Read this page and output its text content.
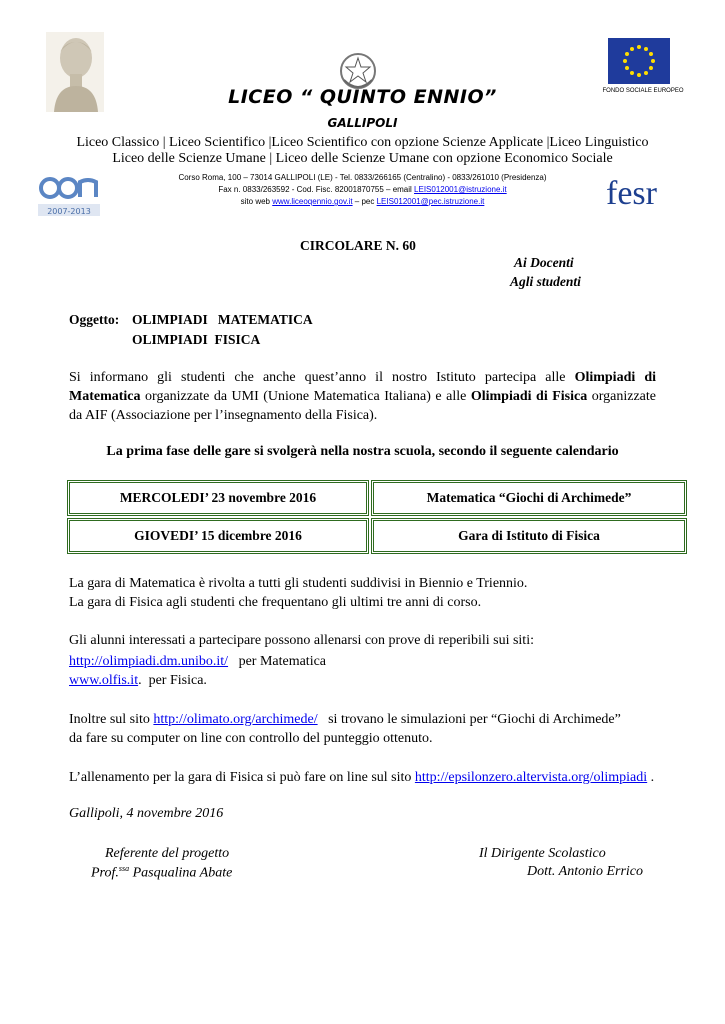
FONDO SOCIALE EUROPEO
LICEO “ QUINTO ENNIO”
GALLIPOLI
Liceo Classico | Liceo Scientifico |Liceo Scientifico con opzione Scienze Applicate |Liceo Linguistico
Liceo delle Scienze Umane | Liceo delle Scienze Umane con opzione Economico Sociale
2007-2013	fesr
Corso Roma, 100 – 73014 GALLIPOLI (LE) - Tel. 0833/266165 (Centralino) - 0833/261010 (Presidenza)
Fax n. 0833/263592 - Cod. Fisc. 82001870755 – email LEIS012001@istruzione.it
sito web www.liceoqennio.gov.it – pec LEIS012001@pec.istruzione.it
CIRCOLARE N. 60
Ai Docenti
Agli studenti
Oggetto: OLIMPIADI   MATEMATICA
OLIMPIADI  FISICA
Si informano gli studenti che anche quest’anno il nostro Istituto partecipa alle Olimpiadi di Matematica organizzate da UMI (Unione Matematica Italiana) e alle Olimpiadi di Fisica organizzate da AIF (Associazione per l’insegnamento della Fisica).
La prima fase delle gare si svolgerà nella nostra scuola, secondo il seguente calendario
MERCOLEDI’ 23 novembre 2016	Matematica “Giochi di Archimede”
GIOVEDI’ 15 dicembre 2016	Gara di Istituto di Fisica
La gara di Matematica è rivolta a tutti gli studenti suddivisi in Biennio e Triennio.
La gara di Fisica agli studenti che frequentano gli ultimi tre anni di corso.
Gli alunni interessati a partecipare possono allenarsi con prove di reperibili sui siti:
http://olimpiadi.dm.unibo.it/   per Matematica
www.olfis.it.  per Fisica.
Inoltre sul sito http://olimato.org/archimede/   si trovano le simulazioni per “Giochi di Archimede”
da fare su computer on line con controllo del punteggio ottenuto.
L’allenamento per la gara di Fisica si può fare on line sul sito http://epsilonzero.altervista.org/olimpiadi .
Gallipoli, 4 novembre 2016
Referente del progetto
Prof.$^{ssa}$ Pasqualina Abate
Il Dirigente Scolastico
Dott. Antonio Errico
